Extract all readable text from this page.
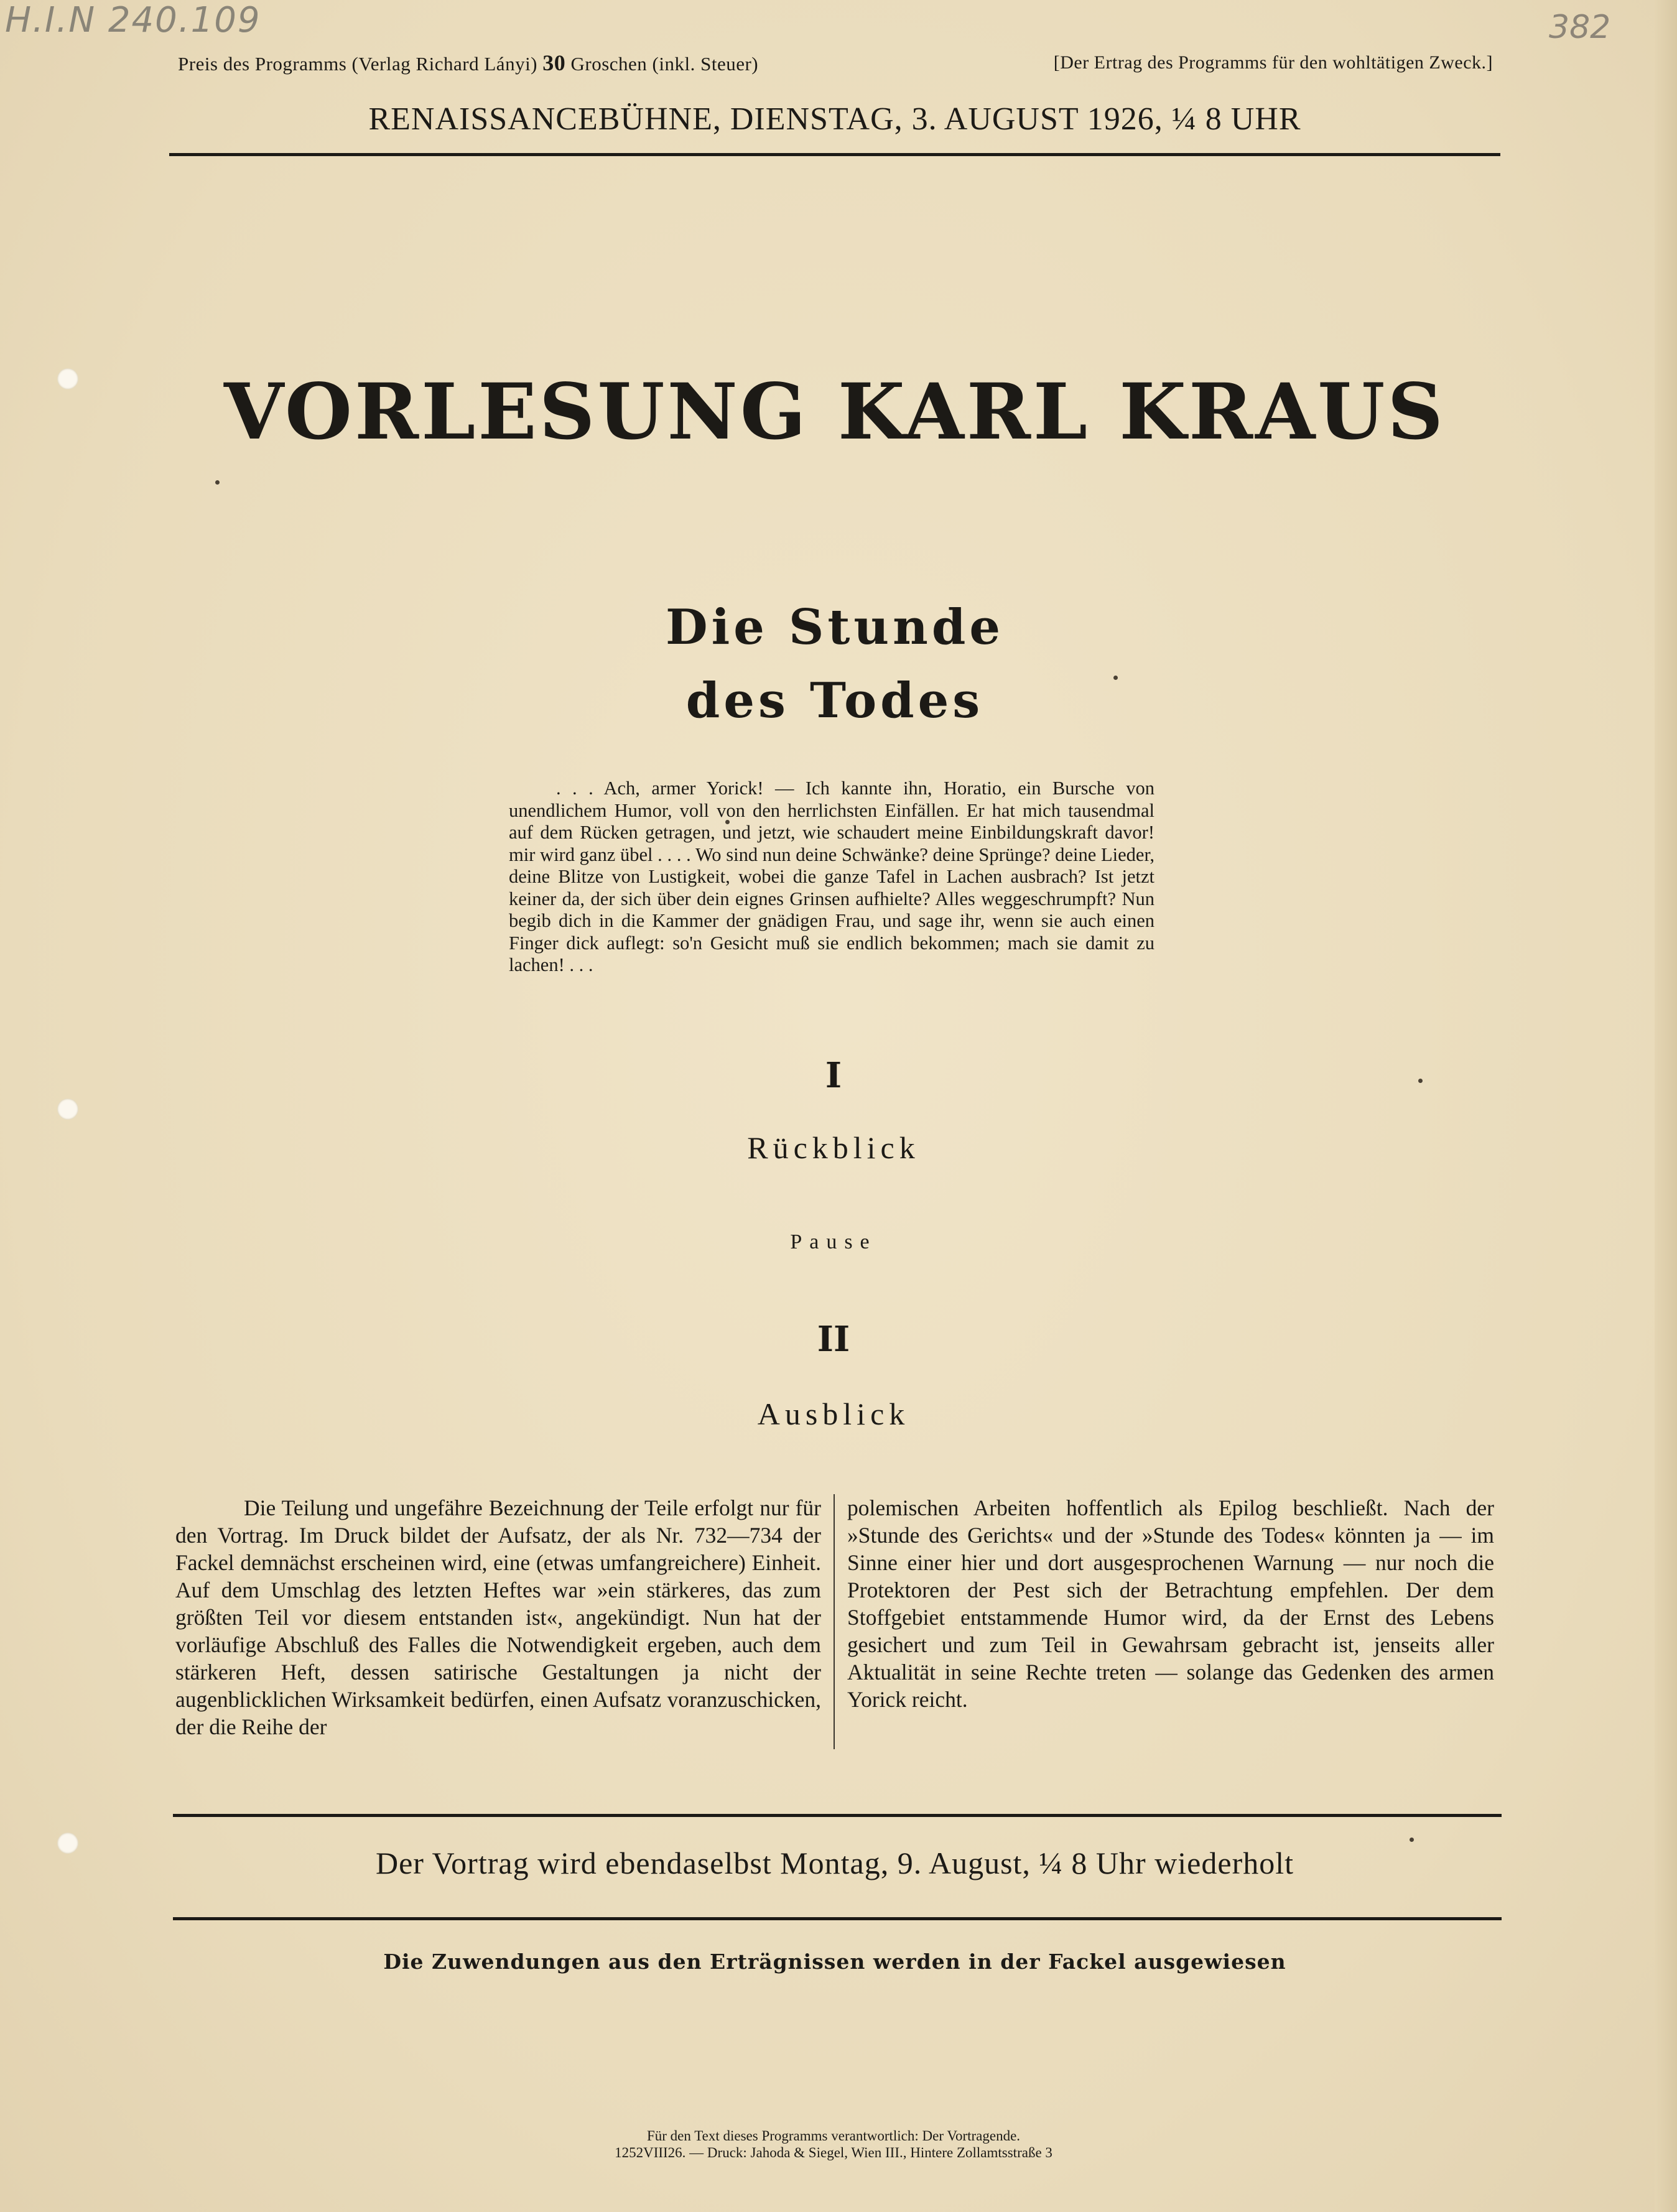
H.I.N 240.109	382
Preis des Programms (Verlag Richard Lányi) 30 Groschen (inkl. Steuer)	[Der Ertrag des Programms für den wohltätigen Zweck.]
RENAISSANCEBÜHNE, DIENSTAG, 3. AUGUST 1926, ¼ 8 UHR
VORLESUNG KARL KRAUS
Die Stunde
des Todes

. . . Ach, armer Yorick! — Ich kannte ihn, Horatio, ein Bursche von unendlichem Humor, voll von den herrlichsten Einfällen. Er hat mich tausendmal auf dem Rücken getragen, und jetzt, wie schaudert meine Einbildungskraft davor! mir wird ganz übel . . . . Wo sind nun deine Schwänke? deine Sprünge? deine Lieder, deine Blitze von Lustigkeit, wobei die ganze Tafel in Lachen ausbrach? Ist jetzt keiner da, der sich über dein eignes Grinsen aufhielte? Alles weggeschrumpft? Nun begib dich in die Kammer der gnädigen Frau, und sage ihr, wenn sie auch einen Finger dick auflegt: so'n Gesicht muß sie endlich bekommen; mach sie damit zu lachen! . . .

I
Rückblick
Pause
II
Ausblick

Die Teilung und ungefähre Bezeichnung der Teile erfolgt nur für den Vortrag. Im Druck bildet der Aufsatz, der als Nr. 732—734 der Fackel demnächst erscheinen wird, eine (etwas umfangreichere) Einheit. Auf dem Umschlag des letzten Heftes war »ein stärkeres, das zum größten Teil vor diesem entstanden ist«, angekündigt. Nun hat der vorläufige Abschluß des Falles die Notwendigkeit ergeben, auch dem stärkeren Heft, dessen satirische Gestaltungen ja nicht der augenblicklichen Wirksamkeit bedürfen, einen Aufsatz voranzuschicken, der die Reihe der

polemischen Arbeiten hoffentlich als Epilog beschließt. Nach der »Stunde des Gerichts« und der »Stunde des Todes« könnten ja — im Sinne einer hier und dort ausgesprochenen Warnung — nur noch die Protektoren der Pest sich der Betrachtung empfehlen. Der dem Stoffgebiet entstammende Humor wird, da der Ernst des Lebens gesichert und zum Teil in Gewahrsam gebracht ist, jenseits aller Aktualität in seine Rechte treten — solange das Gedenken des armen Yorick reicht.

Der Vortrag wird ebendaselbst Montag, 9. August, ¼ 8 Uhr wiederholt
Die Zuwendungen aus den Erträgnissen werden in der Fackel ausgewiesen
Für den Text dieses Programms verantwortlich: Der Vortragende.
1252VIII26. — Druck: Jahoda & Siegel, Wien III., Hintere Zollamtsstraße 3
